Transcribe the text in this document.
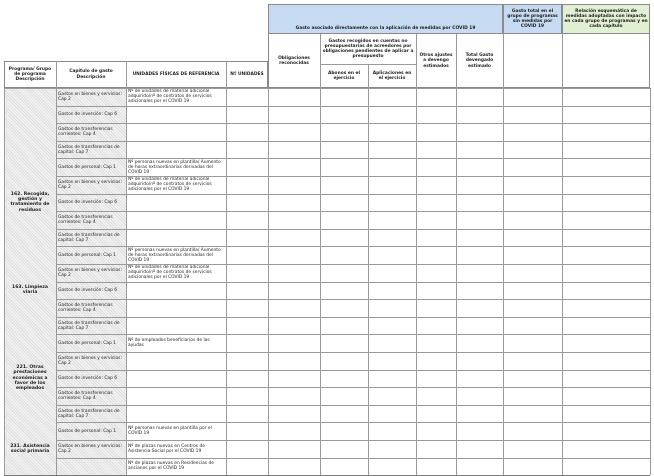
Gasto asociado directamente con la aplicación de medidas por COVID 19
Gasto total en el grupo de programas sin medidas por COVID 19
Relación esquemática de medidas adoptadas con impacto en cada grupo de programas y en cada capítulo
Obligaciones reconocidas
Gastos recogidos en cuentas no presupuestarias de acreedores por obligaciones pendientes de aplicar a presupuesto
Abonos en el ejercicio
Aplicaciones en el ejercicio
Otros ajustes a devengo estimados
Total Gasto devengado estimado
Programa/ Grupo de programa Descripción
Capítulo de gasto Descripción
UNIDADES FÍSICAS DE REFERENCIA	Nº UNIDADES
Gastos en bienes y servicios: Cap 2
Nº de unidades de material adicional adquirido/nº de contratos de servicios adicionales por el COVID 19
Gastos de inversión: Cap 6
Gastos de transferencias corrientes: Cap 4
Gastos de transferencias de capital: Cap 7
162. Recogida, gestión y tratamiento de residuos
Gastos de personal: Cap 1
Nº personas nuevas en plantilla/ Aumento de horas extraordinarias derivadas del COVID 19
Gastos en bienes y servicios: Cap 2
Nº de unidades de material adicional adquirido/nº de contratos de servicios adicionales por el COVID 19
Gastos de inversión: Cap 6
Gastos de transferencias corrientes: Cap 4
Gastos de transferencias de capital: Cap 7
163. Limpieza viaria
Gastos de personal: Cap 1
Nº personas nuevas en plantilla/ Aumento de horas extraordinarias derivadas del COVID 19
Gastos en bienes y servicios: Cap 2
Nº de unidades de material adicional adquirido/nº de contratos de servicios adicionales por el COVID 19
Gastos de inversión: Cap 6
Gastos de transferencias corrientes: Cap 4
Gastos de transferencias de capital: Cap 7
221. Otras prestaciones económicas a favor de los empleados
Gastos de personal: Cap 1
Nº de empleados beneficiarios de las ayudas
Gastos en bienes y servicios: Cap 2
Gastos de inversión: Cap 6
Gastos de transferencias corrientes: Cap 4
Gastos de transferencias de capital: Cap 7
231. Asistencia social primaria
Gastos de personal: Cap 1
Nº personas nuevas en plantilla por el COVID 19
Gastos en bienes y servicios: Cap 2
Nº de plazas nuevas en Centros de Asistencia Social por el COVID 19
Nº de plazas nuevas en Residencias de ancianos por el COVID 19
